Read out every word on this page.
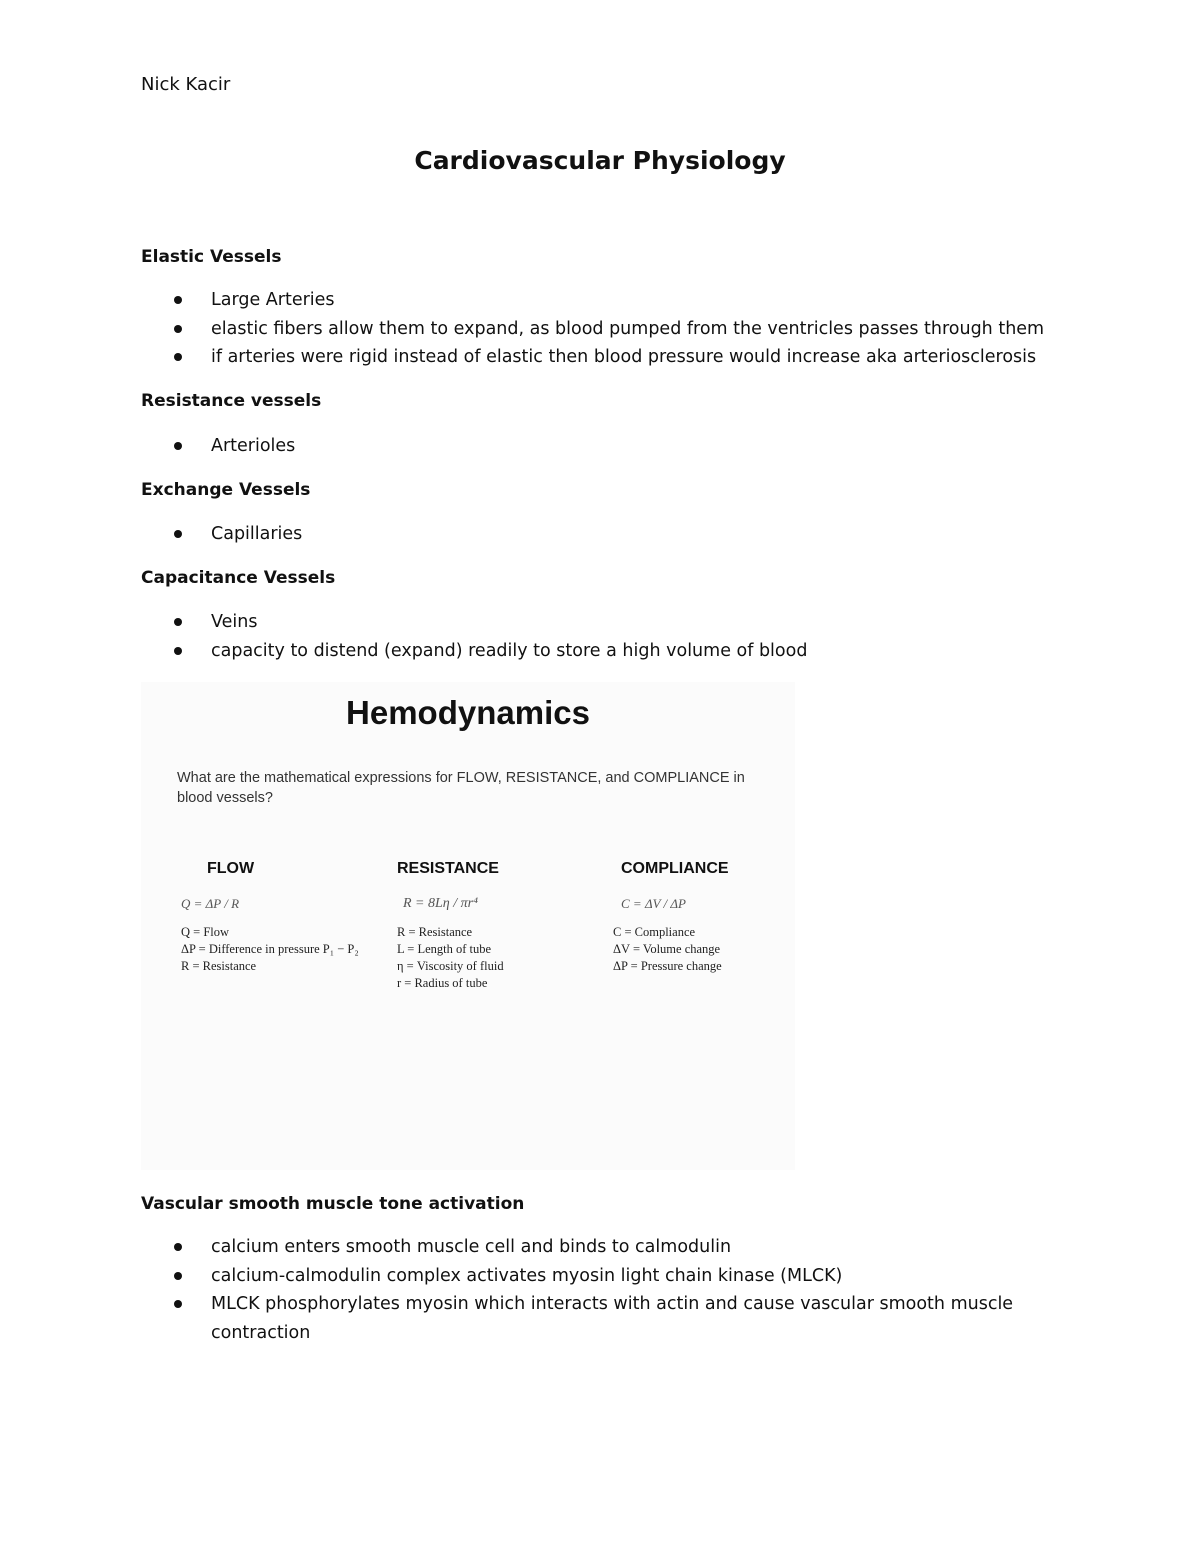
Nick Kacir
Cardiovascular Physiology
Elastic Vessels
Large Arteries
elastic fibers allow them to expand, as blood pumped from the ventricles passes through them
if arteries were rigid instead of elastic then blood pressure would increase aka arteriosclerosis
Resistance vessels
Arterioles
Exchange Vessels
Capillaries
Capacitance Vessels
Veins
capacity to distend (expand) readily to store a high volume of blood
Hemodynamics
What are the mathematical expressions for FLOW, RESISTANCE, and COMPLIANCE in blood vessels?
FLOW
Q = ΔP / R
Q = Flow
ΔP = Difference in pressure P₁ − P₂
R = Resistance
RESISTANCE
R = 8Lη / πr⁴
R = Resistance
L = Length of tube
η = Viscosity of fluid
r = Radius of tube
COMPLIANCE
C = ΔV / ΔP
C = Compliance
ΔV = Volume change
ΔP = Pressure change
Vascular smooth muscle tone activation
calcium enters smooth muscle cell and binds to calmodulin
calcium-calmodulin complex activates myosin light chain kinase (MLCK)
MLCK phosphorylates myosin which interacts with actin and cause vascular smooth muscle contraction
